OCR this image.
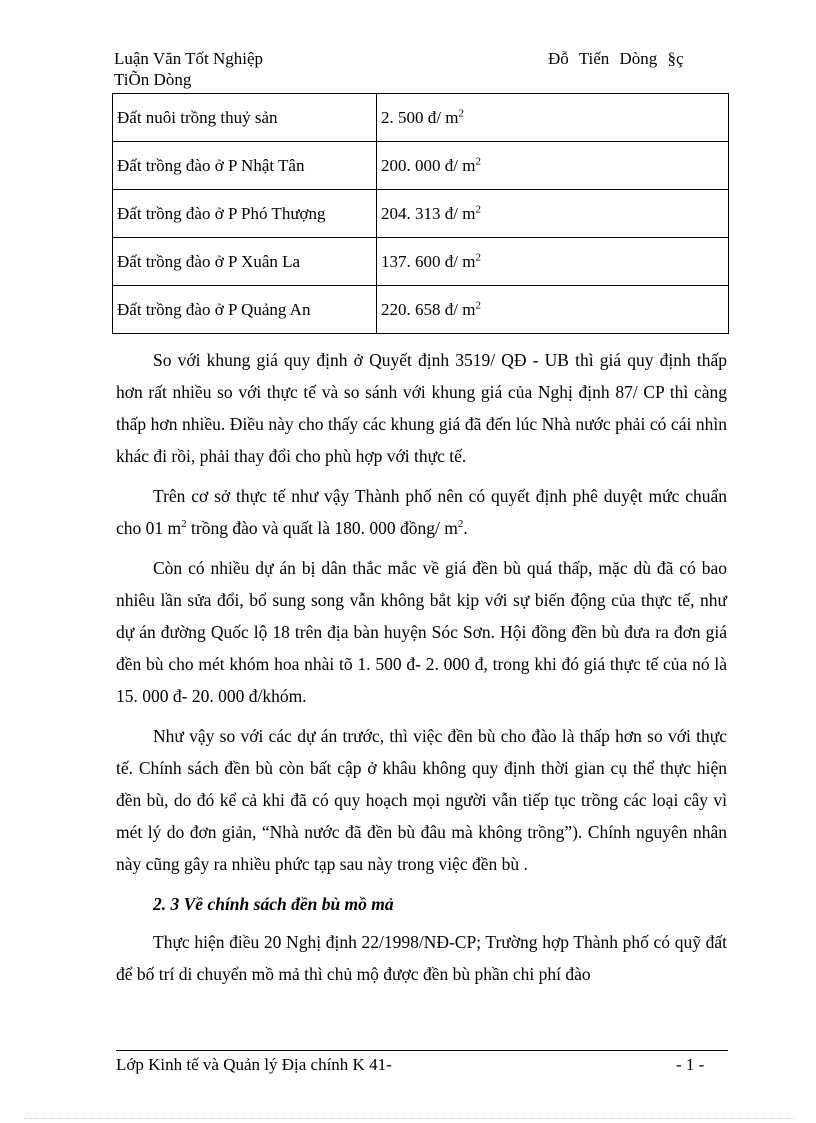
Luận Văn Tốt Nghiệp
TiÕn Dòng
Đỗ Tiến Dòng §ç
Đất nuôi trồng thuỷ sản	2. 500 đ/ $m^2$
Đất trồng đào ở P Nhật Tân	200. 000 đ/ $m^2$
Đất trồng đào ở P Phó Thượng	204. 313 đ/ $m^2$
Đất trồng đào ở P Xuân La	137. 600 đ/ $m^2$
Đất trồng đào ở P Quảng An	220. 658 đ/ $m^2$

So với khung giá quy định ở Quyết định 3519/ QĐ - UB thì giá quy định thấp hơn rất nhiều so với thực tế và so sánh với khung giá của Nghị định 87/ CP thì càng thấp hơn nhiều. Điều này cho thấy các khung giá đã đến lúc Nhà nước phải có cái nhìn khác đi rồi, phải thay đổi cho phù hợp với thực tế.

Trên cơ sở thực tế như vậy Thành phố nên có quyết định phê duyệt mức chuẩn cho 01 $m^2$ trồng đào và quất là 180. 000 đồng/ $m^2$.

Còn có nhiều dự án bị dân thắc mắc về giá đền bù quá thấp, mặc dù đã có bao nhiêu lần sửa đổi, bổ sung song vẫn không bắt kịp với sự biến động của thực tế, như dự án đường Quốc lộ 18 trên địa bàn huyện Sóc Sơn. Hội đồng đền bù đưa ra đơn giá đền bù cho mét khóm hoa nhài tõ 1. 500 đ- 2. 000 đ, trong khi đó giá thực tế của nó là 15. 000 đ- 20. 000 đ/khóm.

Như vậy so với các dự án trước, thì việc đền bù cho đào là thấp hơn so với thực tế. Chính sách đền bù còn bất cập ở khâu không quy định thời gian cụ thể thực hiện đền bù, do đó kể cả khi đã có quy hoạch mọi người vẫn tiếp tục trồng các loại cây vì mét lý do đơn giản, “Nhà nước đã đền bù đâu mà không trồng”). Chính nguyên nhân này cũng gây ra nhiều phức tạp sau này trong việc đền bù .

2. 3 Về chính sách đền bù mồ mả

Thực hiện điều 20 Nghị định 22/1998/NĐ-CP; Trường hợp Thành phố có quỹ đất để bố trí di chuyển mồ mả thì chủ mộ được đền bù phần chi phí đào

Lớp Kinh tế và Quản lý Địa chính K 41-	- 1 -
